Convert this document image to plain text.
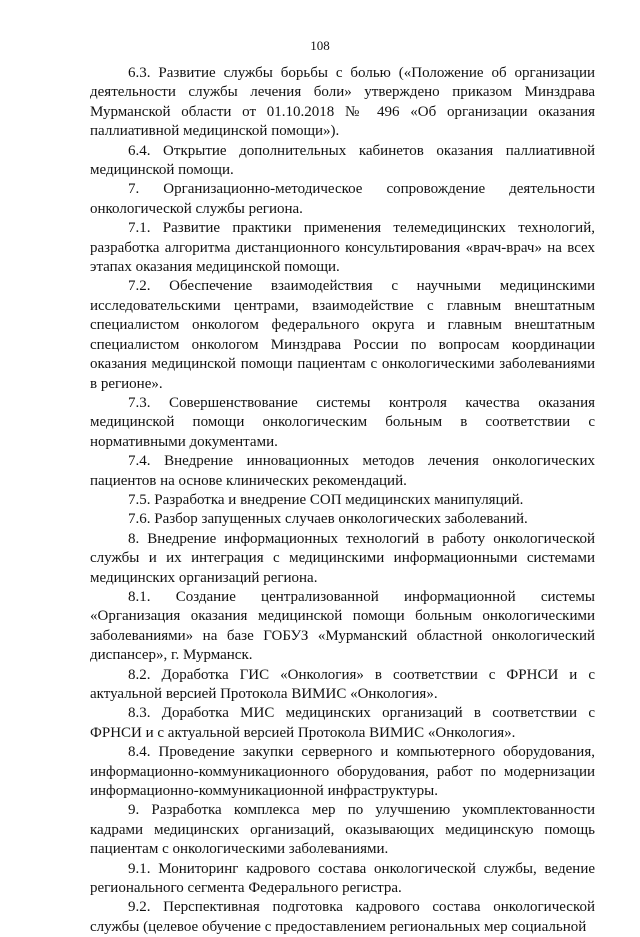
108

6.3. Развитие службы борьбы с болью («Положение об организации деятельности службы лечения боли» утверждено приказом Минздрава Мурманской области от 01.10.2018 № 496 «Об организации оказания паллиативной медицинской помощи»).

6.4. Открытие дополнительных кабинетов оказания паллиативной медицинской помощи.

7. Организационно-методическое сопровождение деятельности онкологической службы региона.

7.1. Развитие практики применения телемедицинских технологий, разработка алгоритма дистанционного консультирования «врач-врач» на всех этапах оказания медицинской помощи.

7.2. Обеспечение взаимодействия с научными медицинскими исследовательскими центрами, взаимодействие с главным внештатным специалистом онкологом федерального округа и главным внештатным специалистом онкологом Минздрава России по вопросам координации оказания медицинской помощи пациентам с онкологическими заболеваниями в регионе».

7.3. Совершенствование системы контроля качества оказания медицинской помощи онкологическим больным в соответствии с нормативными документами.

7.4. Внедрение инновационных методов лечения онкологических пациентов на основе клинических рекомендаций.

7.5. Разработка и внедрение СОП медицинских манипуляций.

7.6. Разбор запущенных случаев онкологических заболеваний.

8. Внедрение информационных технологий в работу онкологической службы и их интеграция с медицинскими информационными системами медицинских организаций региона.

8.1. Создание централизованной информационной системы «Организация оказания медицинской помощи больным онкологическими заболеваниями» на базе ГОБУЗ «Мурманский областной онкологический диспансер», г. Мурманск.

8.2. Доработка ГИС «Онкология» в соответствии с ФРНСИ и с актуальной версией Протокола ВИМИС «Онкология».

8.3. Доработка МИС медицинских организаций в соответствии с ФРНСИ и с актуальной версией Протокола ВИМИС «Онкология».

8.4. Проведение закупки серверного и компьютерного оборудования, информационно-коммуникационного оборудования, работ по модернизации информационно-коммуникационной инфраструктуры.

9. Разработка комплекса мер по улучшению укомплектованности кадрами медицинских организаций, оказывающих медицинскую помощь пациентам с онкологическими заболеваниями.

9.1. Мониторинг кадрового состава онкологической службы, ведение регионального сегмента Федерального регистра.

9.2. Перспективная подготовка кадрового состава онкологической службы (целевое обучение с предоставлением региональных мер социальной
